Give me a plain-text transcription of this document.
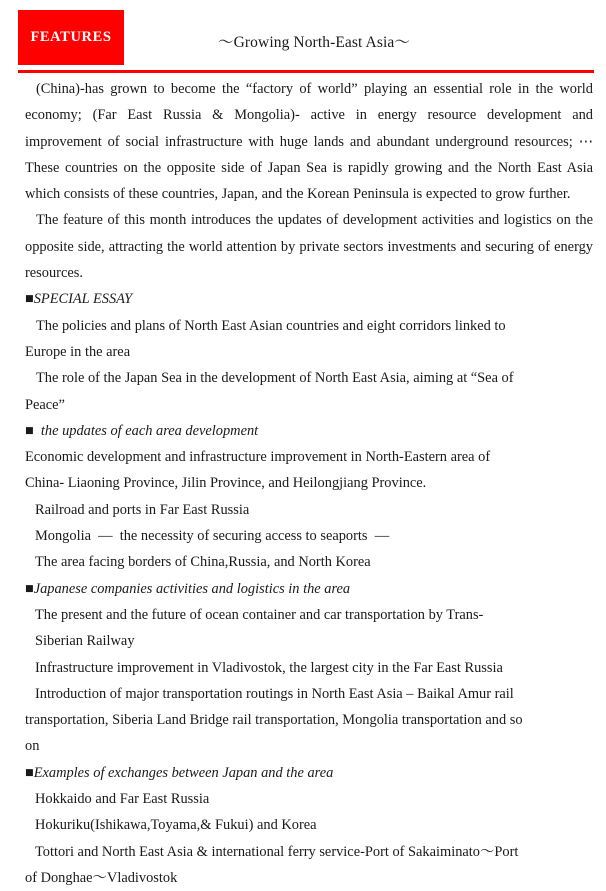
FEATURES	〜Growing North-East Asia〜

(China)-has grown to become the “factory of world” playing an essential role in the world economy; (Far East Russia & Mongolia)- active in energy resource development and improvement of social infrastructure with huge lands and abundant underground resources; ⋯ These countries on the opposite side of Japan Sea is rapidly growing and the North East Asia which consists of these countries, Japan, and the Korean Peninsula is expected to grow further.

The feature of this month introduces the updates of development activities and logistics on the opposite side, attracting the world attention by private sectors investments and securing of energy resources.

■SPECIAL ESSAY

The policies and plans of North East Asian countries and eight corridors linked to

Europe in the area

The role of the Japan Sea in the development of North East Asia, aiming at “Sea of

Peace”

■  the updates of each area development

Economic development and infrastructure improvement in North-Eastern area of

China- Liaoning Province, Jilin Province, and Heilongjiang Province.

Railroad and ports in Far East Russia

Mongolia  —  the necessity of securing access to seaports  —

The area facing borders of China,Russia, and North Korea

■Japanese companies activities and logistics in the area

The present and the future of ocean container and car transportation by Trans-

Siberian Railway

Infrastructure improvement in Vladivostok, the largest city in the Far East Russia

Introduction of major transportation routings in North East Asia – Baikal Amur rail

transportation, Siberia Land Bridge rail transportation, Mongolia transportation and so

on

■Examples of exchanges between Japan and the area

Hokkaido and Far East Russia

Hokuriku(Ishikawa,Toyama,& Fukui) and Korea

Tottori and North East Asia & international ferry service-Port of Sakaiminato〜Port

of Donghae〜Vladivostok
